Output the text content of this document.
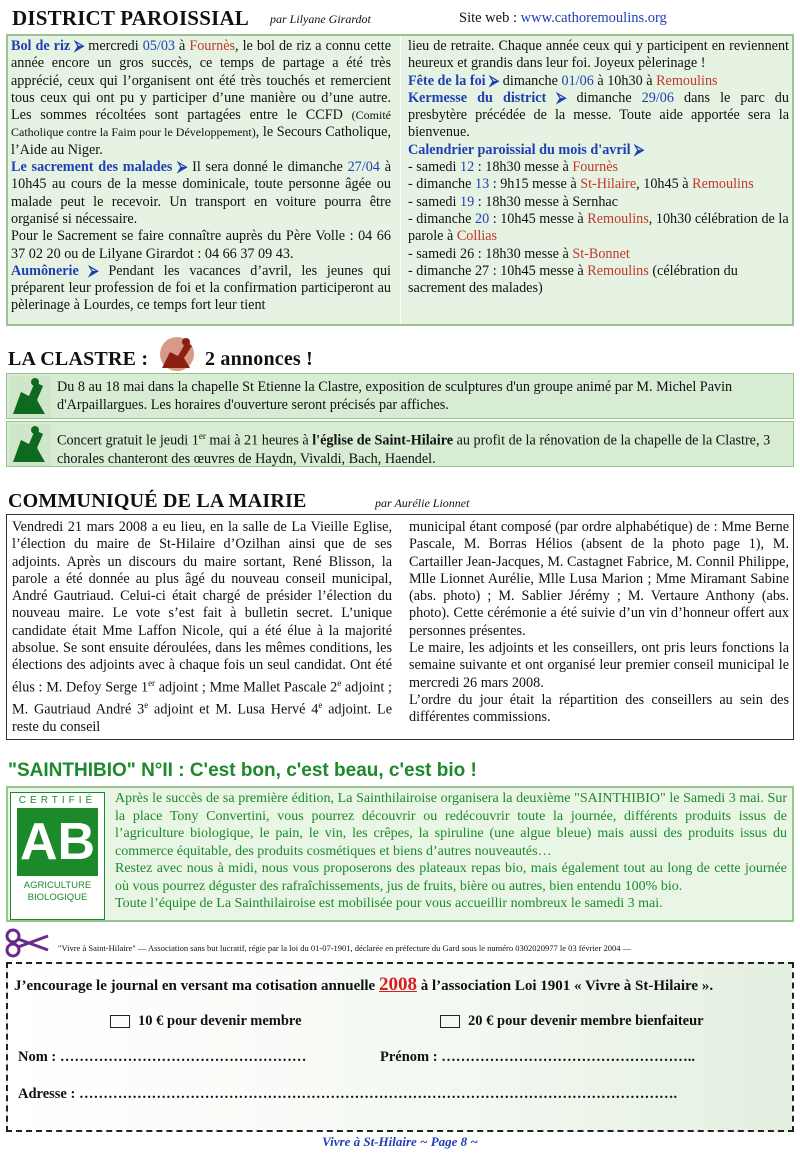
DISTRICT PAROISSIAL par Lilyane Girardot	Site web : www.cathoremoulins.org
Bol de riz ⮚ mercredi 05/03 à Fournès, le bol de riz a connu cette année encore un gros succès, ce temps de partage a été très apprécié, ceux qui l’organisent ont été très touchés et remercient tous ceux qui ont pu y participer d’une manière ou d’une autre. Les sommes récoltées sont partagées entre le CCFD (Comité Catholique contre la Faim pour le Développement), le Secours Catholique, l’Aide au Niger.
Le sacrement des malades ⮚ Il sera donné le dimanche 27/04 à 10h45 au cours de la messe dominicale, toute personne âgée ou malade peut le recevoir. Un transport en voiture pourra être organisé si nécessaire.
Pour le Sacrement se faire connaître auprès du Père Volle : 04 66 37 02 20 ou de Lilyane Girardot : 04 66 37 09 43.
Aumônerie ⮚ Pendant les vacances d’avril, les jeunes qui préparent leur profession de foi et la confirmation participeront au pèlerinage à Lourdes, ce temps fort leur tient
lieu de retraite. Chaque année ceux qui y participent en reviennent heureux et grandis dans leur foi. Joyeux pèlerinage !
Fête de la foi ⮚ dimanche 01/06 à 10h30 à Remoulins
Kermesse du district ⮚ dimanche 29/06 dans le parc du presbytère précédée de la messe. Toute aide apportée sera la bienvenue.
Calendrier paroissial du mois d'avril ⮚
- samedi 12 : 18h30 messe à Fournès
- dimanche 13 : 9h15 messe à St-Hilaire, 10h45 à Remoulins
- samedi 19 : 18h30 messe à Sernhac
- dimanche 20 : 10h45 messe à Remoulins, 10h30 célébration de la parole à Collias
- samedi 26 : 18h30 messe à St-Bonnet
- dimanche 27 : 10h45 messe à Remoulins (célébration du sacrement des malades)
LA CLASTRE :	2 annonces !
Du 8 au 18 mai dans la chapelle St Etienne la Clastre, exposition de sculptures d'un groupe animé par M. Michel Pavin d'Arpaillargues. Les horaires d'ouverture seront précisés par affiches.
Concert gratuit le jeudi 1er mai à 21 heures à l'église de Saint-Hilaire au profit de la rénovation de la chapelle de la Clastre, 3 chorales chanteront des œuvres de Haydn, Vivaldi, Bach, Haendel.
COMMUNIQUÉ DE LA MAIRIE	par Aurélie Lionnet
Vendredi 21 mars 2008 a eu lieu, en la salle de La Vieille Eglise, l’élection du maire de St-Hilaire d’Ozilhan ainsi que de ses adjoints. Après un discours du maire sortant, René Blisson, la parole a été donnée au plus âgé du nouveau conseil municipal, André Gautriaud. Celui-ci était chargé de présider l’élection du nouveau maire. Le vote s’est fait à bulletin secret. L’unique candidate était Mme Laffon Nicole, qui a été élue à la majorité absolue. Se sont ensuite déroulées, dans les mêmes conditions, les élections des adjoints avec à chaque fois un seul candidat. Ont été élus : M. Defoy Serge 1er adjoint ; Mme Mallet Pascale 2e adjoint ; M. Gautriaud André 3e adjoint et M. Lusa Hervé 4e adjoint. Le reste du conseil
municipal étant composé (par ordre alphabétique) de : Mme Berne Pascale, M. Borras Hélios (absent de la photo page 1), M. Cartailler Jean-Jacques, M. Castagnet Fabrice, M. Connil Philippe, Mlle Lionnet Aurélie, Mlle Lusa Marion ; Mme Miramant Sabine (abs. photo) ; M. Sablier Jérémy ; M. Vertaure Anthony (abs. photo). Cette cérémonie a été suivie d’un vin d’honneur offert aux personnes présentes.
Le maire, les adjoints et les conseillers, ont pris leurs fonctions la semaine suivante et ont organisé leur premier conseil municipal le mercredi 26 mars 2008.
L’ordre du jour était la répartition des conseillers au sein des différentes commissions.
"SAINTHIBIO" N°II : C'est bon, c'est beau, c'est bio !
CERTIFIÉ
AB
AGRICULTURE
BIOLOGIQUE
Après le succès de sa première édition, La Sainthilairoise organisera la deuxième "SAINTHIBIO" le Samedi 3 mai. Sur la place Tony Convertini, vous pourrez découvrir ou redécouvrir toute la journée, différents produits issus de l’agriculture biologique, le pain, le vin, les crêpes, la spiruline (une algue bleue) mais aussi des produits issus du commerce équitable, des produits cosmétiques et biens d’autres nouveautés…
Restez avec nous à midi, nous vous proposerons des plateaux repas bio, mais également tout au long de cette journée où vous pourrez déguster des rafraîchissements, jus de fruits, bière ou autres, bien entendu 100% bio.
Toute l’équipe de La Sainthilairoise est mobilisée pour vous accueillir nombreux le samedi 3 mai.
"Vivre à Saint-Hilaire" — Association sans but lucratif, régie par la loi du 01-07-1901, déclarée en préfecture du Gard sous le numéro 0302020977 le 03 février 2004 —
J’encourage le journal en versant ma cotisation annuelle 2008 à l’association Loi 1901 « Vivre à St-Hilaire ».
10 € pour devenir membre	20 € pour devenir membre bienfaiteur
Nom : ……………………………………………	Prénom : ……………………………………………..
Adresse : …………………………………………………………………………………………………………….
Vivre à St-Hilaire ~ Page 8 ~
